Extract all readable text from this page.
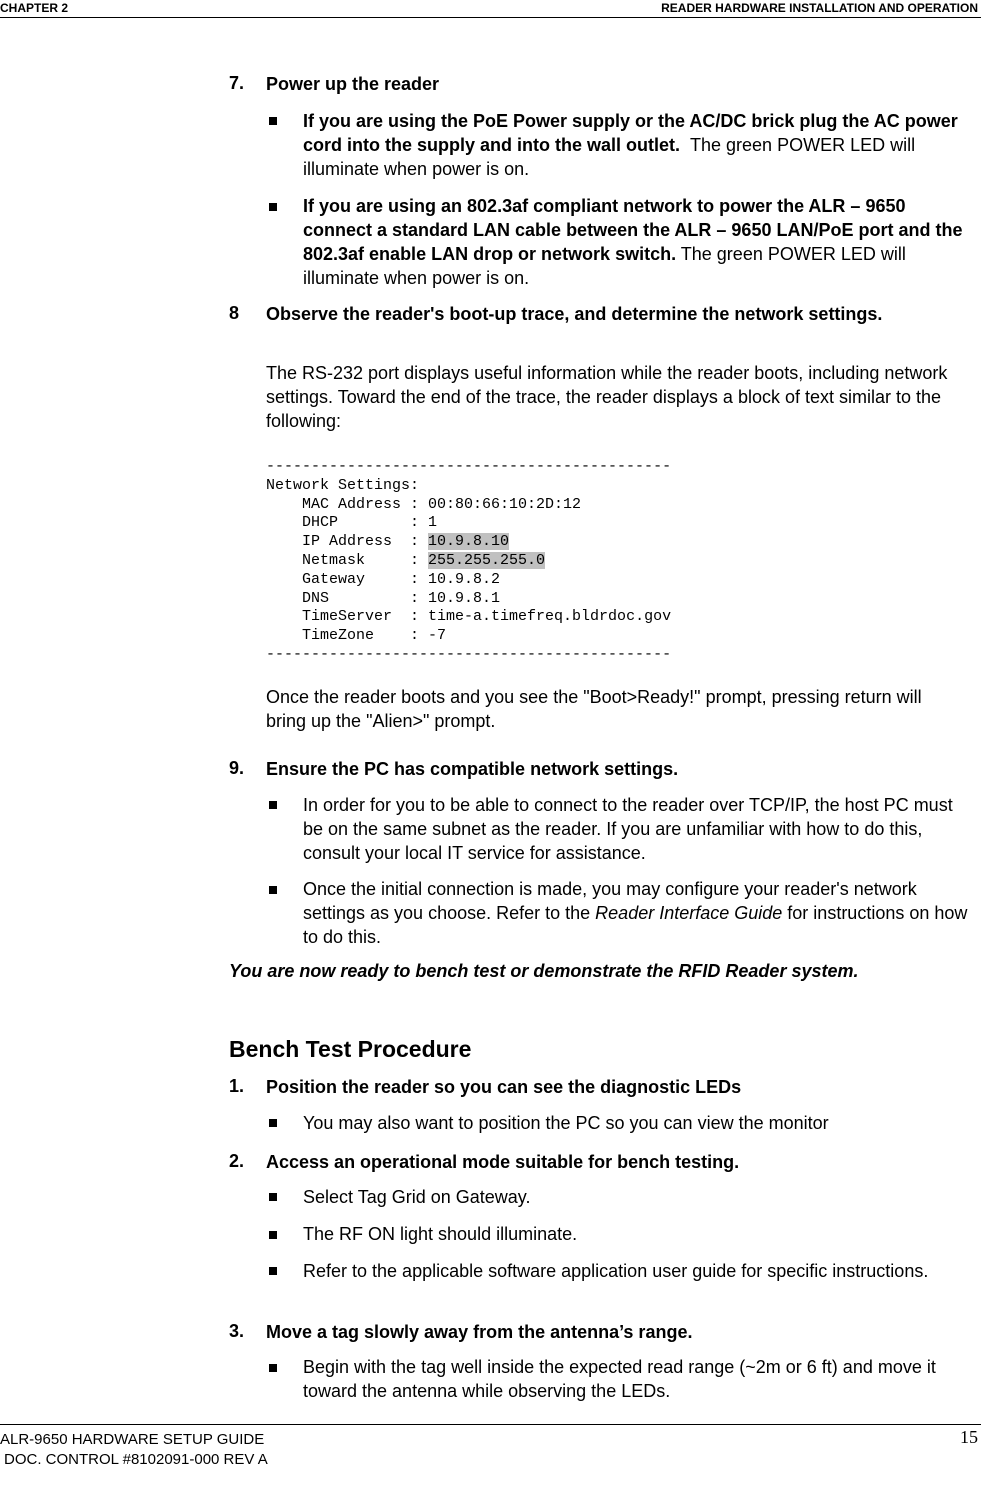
CHAPTER 2	READER HARDWARE INSTALLATION AND OPERATION
7. Power up the reader
If you are using the PoE Power supply or the AC/DC brick plug the AC power cord into the supply and into the wall outlet. The green POWER LED will illuminate when power is on.
If you are using an 802.3af compliant network to power the ALR – 9650 connect a standard LAN cable between the ALR – 9650 LAN/PoE port and the 802.3af enable LAN drop or network switch. The green POWER LED will illuminate when power is on.
8 Observe the reader's boot-up trace, and determine the network settings.
The RS-232 port displays useful information while the reader boots, including network settings. Toward the end of the trace, the reader displays a block of text similar to the following:
---------------------------------------------
Network Settings:
MAC Address : 00:80:66:10:2D:12
DHCP        : 1
IP Address  : 10.9.8.10
Netmask     : 255.255.255.0
Gateway     : 10.9.8.2
DNS         : 10.9.8.1
TimeServer  : time-a.timefreq.bldrdoc.gov
TimeZone    : -7
---------------------------------------------
Once the reader boots and you see the "Boot>Ready!" prompt, pressing return will bring up the "Alien>" prompt.
9. Ensure the PC has compatible network settings.
In order for you to be able to connect to the reader over TCP/IP, the host PC must be on the same subnet as the reader. If you are unfamiliar with how to do this, consult your local IT service for assistance.
Once the initial connection is made, you may configure your reader's network settings as you choose. Refer to the Reader Interface Guide for instructions on how to do this.
You are now ready to bench test or demonstrate the RFID Reader system.
Bench Test Procedure
1. Position the reader so you can see the diagnostic LEDs
You may also want to position the PC so you can view the monitor
2. Access an operational mode suitable for bench testing.
Select Tag Grid on Gateway.
The RF ON light should illuminate.
Refer to the applicable software application user guide for specific instructions.
3. Move a tag slowly away from the antenna’s range.
Begin with the tag well inside the expected read range (~2m or 6 ft) and move it toward the antenna while observing the LEDs.
ALR-9650 HARDWARE SETUP GUIDE
DOC. CONTROL #8102091-000 REV A
15
